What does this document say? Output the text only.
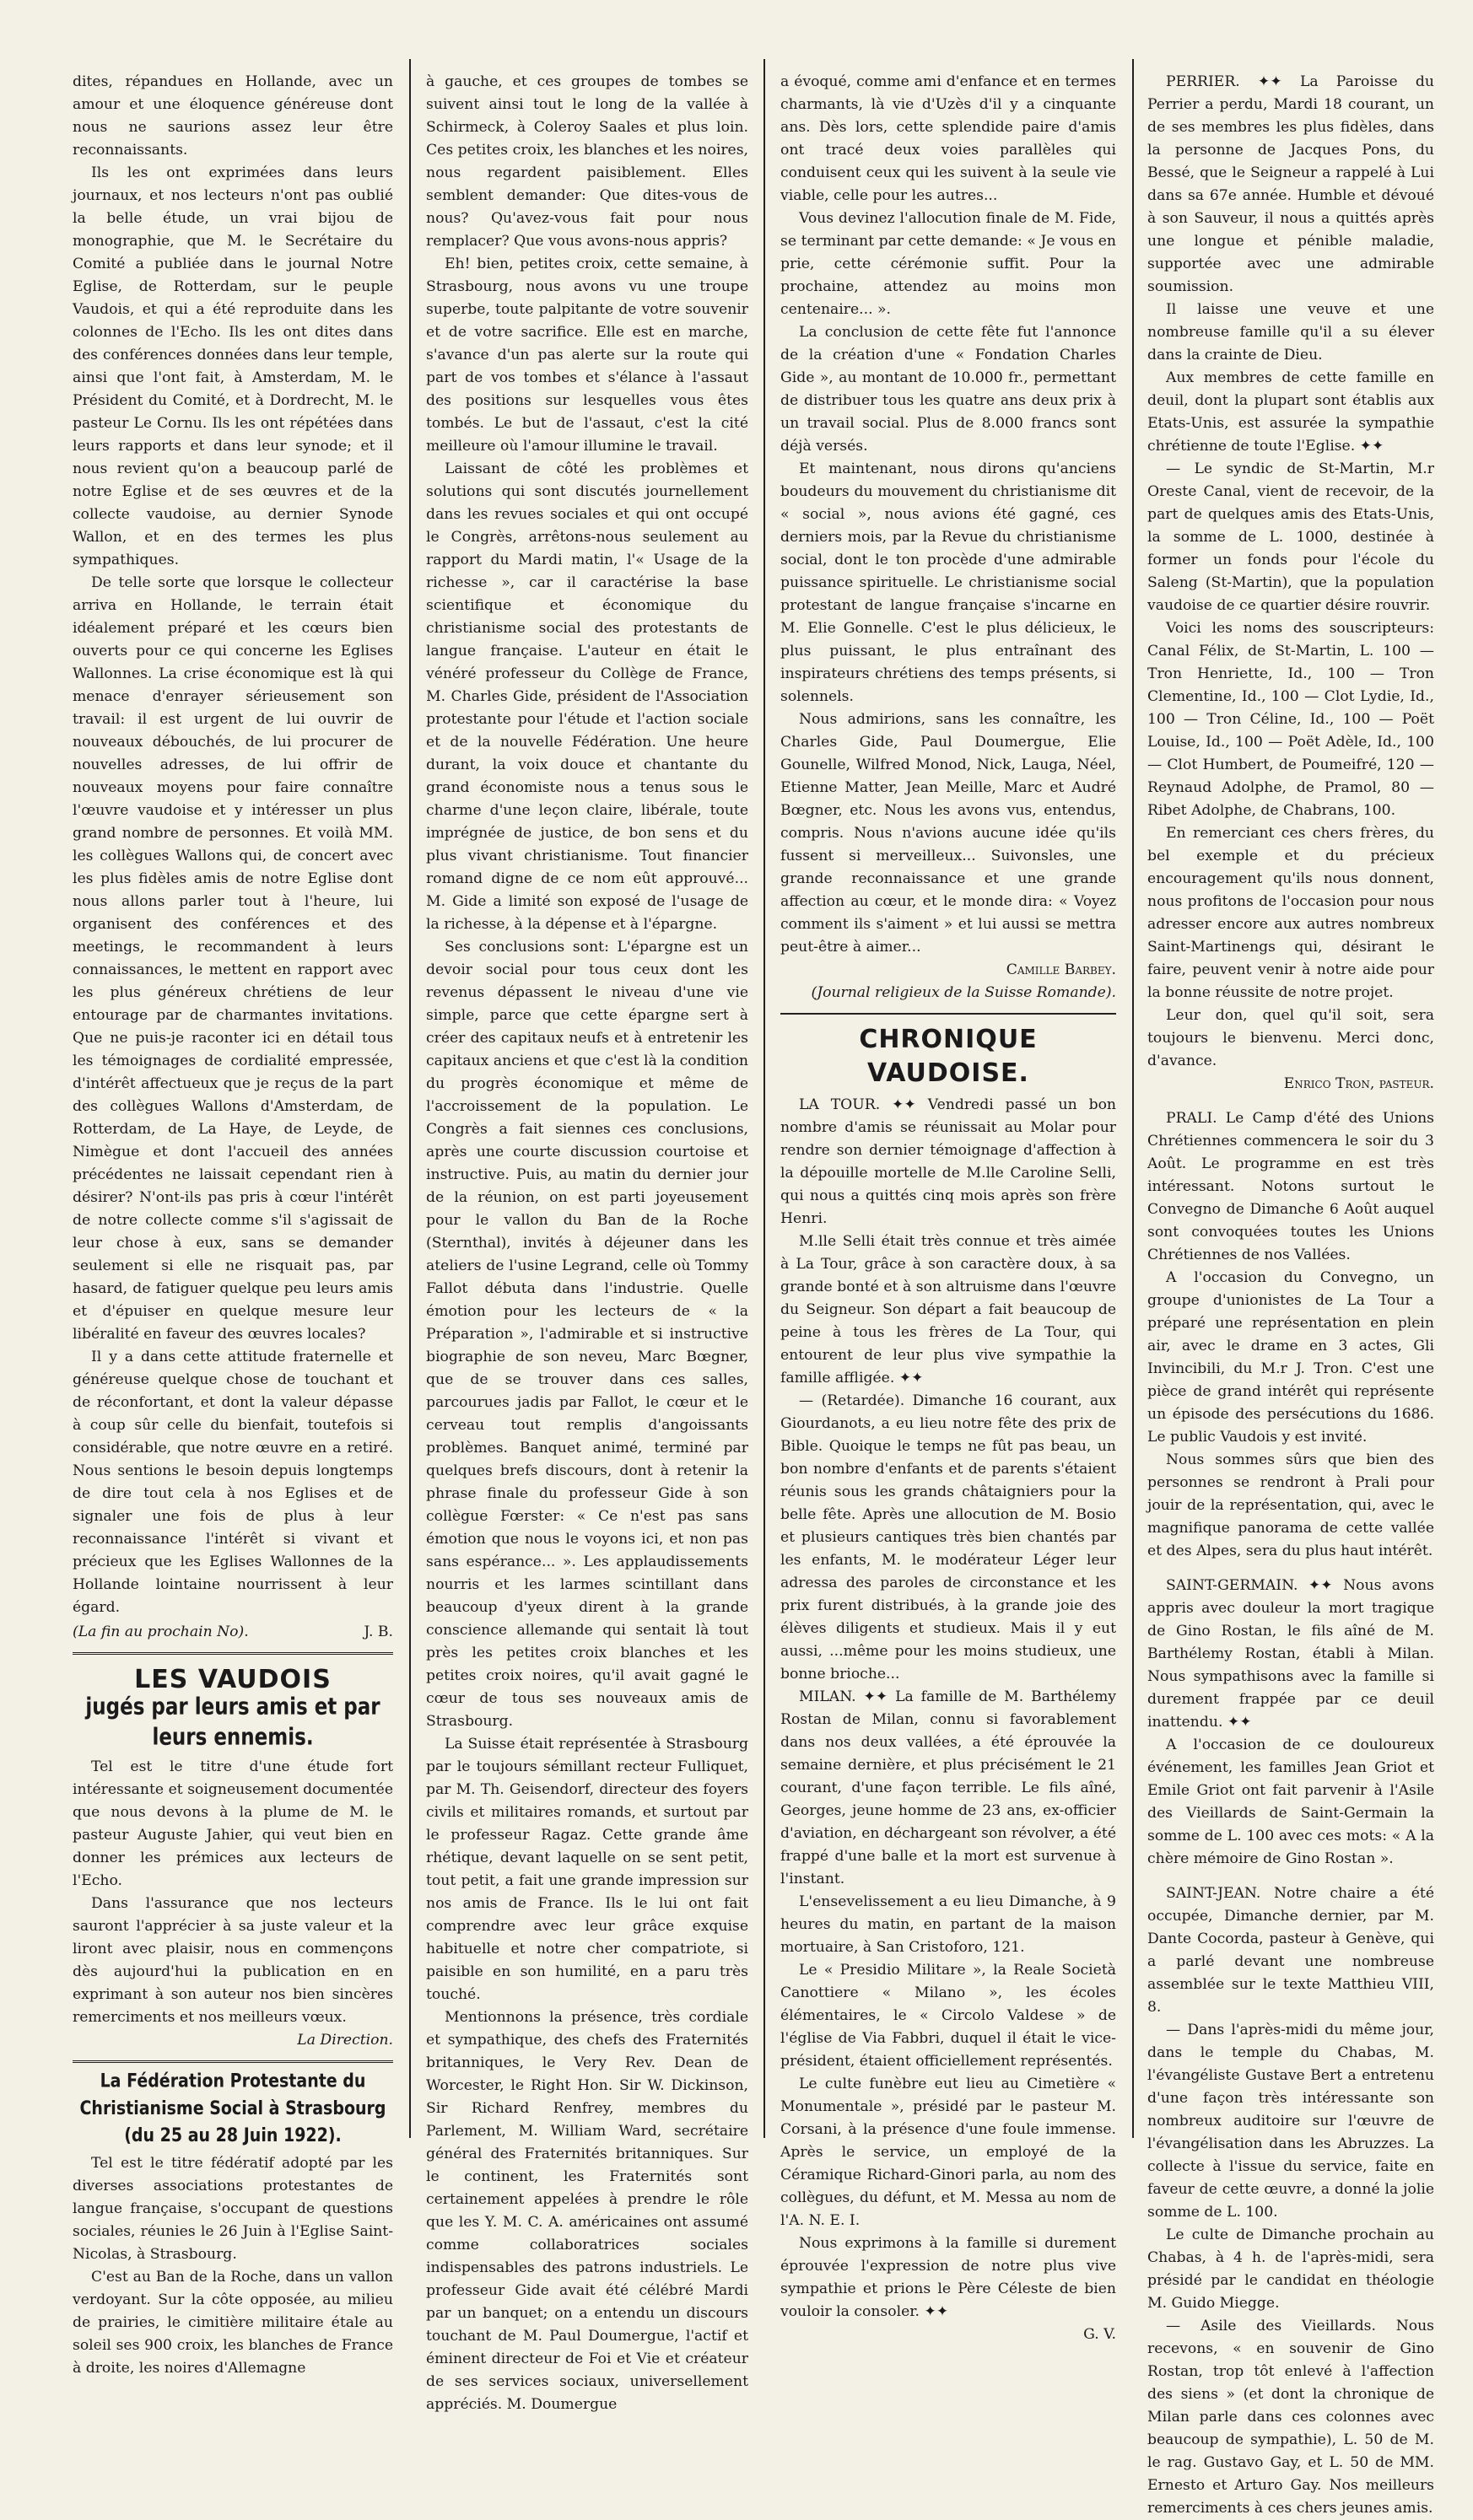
dites, répandues en Hollande, avec un amour et une éloquence généreuse dont nous ne saurions assez leur être reconnaissants.

Ils les ont exprimées dans leurs journaux, et nos lecteurs n'ont pas oublié la belle étude, un vrai bijou de monographie, que M. le Secrétaire du Comité a publiée dans le journal Notre Eglise, de Rotterdam, sur le peuple Vaudois, et qui a été reproduite dans les colonnes de l'Echo. Ils les ont dites dans des conférences données dans leur temple, ainsi que l'ont fait, à Amsterdam, M. le Président du Comité, et à Dordrecht, M. le pasteur Le Cornu. Ils les ont répétées dans leurs rapports et dans leur synode; et il nous revient qu'on a beaucoup parlé de notre Eglise et de ses œuvres et de la collecte vaudoise, au dernier Synode Wallon, et en des termes les plus sympathiques.

De telle sorte que lorsque le collecteur arriva en Hollande, le terrain était idéalement préparé et les cœurs bien ouverts pour ce qui concerne les Eglises Wallonnes. La crise économique est là qui menace d'enrayer sérieusement son travail: il est urgent de lui ouvrir de nouveaux débouchés, de lui procurer de nouvelles adresses, de lui offrir de nouveaux moyens pour faire connaître l'œuvre vaudoise et y intéresser un plus grand nombre de personnes. Et voilà MM. les collègues Wallons qui, de concert avec les plus fidèles amis de notre Eglise dont nous allons parler tout à l'heure, lui organisent des conférences et des meetings, le recommandent à leurs connaissances, le mettent en rapport avec les plus généreux chrétiens de leur entourage par de charmantes invitations. Que ne puis-je raconter ici en détail tous les témoignages de cordialité empressée, d'intérêt affectueux que je reçus de la part des collègues Wallons d'Amsterdam, de Rotterdam, de La Haye, de Leyde, de Nimègue et dont l'accueil des années précédentes ne laissait cependant rien à désirer? N'ont-ils pas pris à cœur l'intérêt de notre collecte comme s'il s'agissait de leur chose à eux, sans se demander seulement si elle ne risquait pas, par hasard, de fatiguer quelque peu leurs amis et d'épuiser en quelque mesure leur libéralité en faveur des œuvres locales?

Il y a dans cette attitude fraternelle et généreuse quelque chose de touchant et de réconfortant, et dont la valeur dépasse à coup sûr celle du bienfait, toutefois si considérable, que notre œuvre en a retiré. Nous sentions le besoin depuis longtemps de dire tout cela à nos Eglises et de signaler une fois de plus à leur reconnaissance l'intérêt si vivant et précieux que les Eglises Wallonnes de la Hollande lointaine nourrissent à leur égard.

(La fin au prochain No).	J. B.
LES VAUDOIS
jugés par leurs amis et par leurs ennemis.

Tel est le titre d'une étude fort intéressante et soigneusement documentée que nous devons à la plume de M. le pasteur Auguste Jahier, qui veut bien en donner les prémices aux lecteurs de l'Echo.

Dans l'assurance que nos lecteurs sauront l'apprécier à sa juste valeur et la liront avec plaisir, nous en commençons dès aujourd'hui la publication en en exprimant à son auteur nos bien sincères remerciments et nos meilleurs vœux.

La Direction.
La Fédération Protestante du Christianisme Social à Strasbourg (du 25 au 28 Juin 1922).

Tel est le titre fédératif adopté par les diverses associations protestantes de langue française, s'occupant de questions sociales, réunies le 26 Juin à l'Eglise Saint-Nicolas, à Strasbourg.

C'est au Ban de la Roche, dans un vallon verdoyant. Sur la côte opposée, au milieu de prairies, le cimitière militaire étale au soleil ses 900 croix, les blanches de France à droite, les noires d'Allemagne

à gauche, et ces groupes de tombes se suivent ainsi tout le long de la vallée à Schirmeck, à Coleroy Saales et plus loin. Ces petites croix, les blanches et les noires, nous regardent paisiblement. Elles semblent demander: Que dites-vous de nous? Qu'avez-vous fait pour nous remplacer? Que vous avons-nous appris?

Eh! bien, petites croix, cette semaine, à Strasbourg, nous avons vu une troupe superbe, toute palpitante de votre souvenir et de votre sacrifice. Elle est en marche, s'avance d'un pas alerte sur la route qui part de vos tombes et s'élance à l'assaut des positions sur lesquelles vous êtes tombés. Le but de l'assaut, c'est la cité meilleure où l'amour illumine le travail.

Laissant de côté les problèmes et solutions qui sont discutés journellement dans les revues sociales et qui ont occupé le Congrès, arrêtons-nous seulement au rapport du Mardi matin, l'« Usage de la richesse », car il caractérise la base scientifique et économique du christianisme social des protestants de langue française. L'auteur en était le vénéré professeur du Collège de France, M. Charles Gide, président de l'Association protestante pour l'étude et l'action sociale et de la nouvelle Fédération. Une heure durant, la voix douce et chantante du grand économiste nous a tenus sous le charme d'une leçon claire, libérale, toute imprégnée de justice, de bon sens et du plus vivant christianisme. Tout financier romand digne de ce nom eût approuvé... M. Gide a limité son exposé de l'usage de la richesse, à la dépense et à l'épargne.

Ses conclusions sont: L'épargne est un devoir social pour tous ceux dont les revenus dépassent le niveau d'une vie simple, parce que cette épargne sert à créer des capitaux neufs et à entretenir les capitaux anciens et que c'est là la condition du progrès économique et même de l'accroissement de la population. Le Congrès a fait siennes ces conclusions, après une courte discussion courtoise et instructive. Puis, au matin du dernier jour de la réunion, on est parti joyeusement pour le vallon du Ban de la Roche (Sternthal), invités à déjeuner dans les ateliers de l'usine Legrand, celle où Tommy Fallot débuta dans l'industrie. Quelle émotion pour les lecteurs de « la Préparation », l'admirable et si instructive biographie de son neveu, Marc Bœgner, que de se trouver dans ces salles, parcourues jadis par Fallot, le cœur et le cerveau tout remplis d'angoissants problèmes. Banquet animé, terminé par quelques brefs discours, dont à retenir la phrase finale du professeur Gide à son collègue Fœrster: « Ce n'est pas sans émotion que nous le voyons ici, et non pas sans espérance... ». Les applaudissements nourris et les larmes scintillant dans beaucoup d'yeux dirent à la grande conscience allemande qui sentait là tout près les petites croix blanches et les petites croix noires, qu'il avait gagné le cœur de tous ses nouveaux amis de Strasbourg.

La Suisse était représentée à Strasbourg par le toujours sémillant recteur Fulliquet, par M. Th. Geisendorf, directeur des foyers civils et militaires romands, et surtout par le professeur Ragaz. Cette grande âme rhétique, devant laquelle on se sent petit, tout petit, a fait une grande impression sur nos amis de France. Ils le lui ont fait comprendre avec leur grâce exquise habituelle et notre cher compatriote, si paisible en son humilité, en a paru très touché.

Mentionnons la présence, très cordiale et sympathique, des chefs des Fraternités britanniques, le Very Rev. Dean de Worcester, le Right Hon. Sir W. Dickinson, Sir Richard Renfrey, membres du Parlement, M. William Ward, secrétaire général des Fraternités britanniques. Sur le continent, les Fraternités sont certainement appelées à prendre le rôle que les Y. M. C. A. américaines ont assumé comme collaboratrices sociales indispensables des patrons industriels. Le professeur Gide avait été célébré Mardi par un banquet; on a entendu un discours touchant de M. Paul Doumergue, l'actif et éminent directeur de Foi et Vie et créateur de ses services sociaux, universellement appréciés. M. Doumergue

a évoqué, comme ami d'enfance et en termes charmants, là vie d'Uzès d'il y a cinquante ans. Dès lors, cette splendide paire d'amis ont tracé deux voies parallèles qui conduisent ceux qui les suivent à la seule vie viable, celle pour les autres...

Vous devinez l'allocution finale de M. Fide, se terminant par cette demande: « Je vous en prie, cette cérémonie suffit. Pour la prochaine, attendez au moins mon centenaire... ».

La conclusion de cette fête fut l'annonce de la création d'une « Fondation Charles Gide », au montant de 10.000 fr., permettant de distribuer tous les quatre ans deux prix à un travail social. Plus de 8.000 francs sont déjà versés.

Et maintenant, nous dirons qu'anciens boudeurs du mouvement du christianisme dit « social », nous avions été gagné, ces derniers mois, par la Revue du christianisme social, dont le ton procède d'une admirable puissance spirituelle. Le christianisme social protestant de langue française s'incarne en M. Elie Gonnelle. C'est le plus délicieux, le plus puissant, le plus entraînant des inspirateurs chrétiens des temps présents, si solennels.

Nous admirions, sans les connaître, les Charles Gide, Paul Doumergue, Elie Gounelle, Wilfred Monod, Nick, Lauga, Néel, Etienne Matter, Jean Meille, Marc et Audré Bœgner, etc. Nous les avons vus, entendus, compris. Nous n'avions aucune idée qu'ils fussent si merveilleux... Suivonsles, une grande reconnaissance et une grande affection au cœur, et le monde dira: « Voyez comment ils s'aiment » et lui aussi se mettra peut-être à aimer...

Camille Barbey.
(Journal religieux de la Suisse Romande).
CHRONIQUE VAUDOISE.

LA TOUR. ✦✦ Vendredi passé un bon nombre d'amis se réunissait au Molar pour rendre son dernier témoignage d'affection à la dépouille mortelle de M.lle Caroline Selli, qui nous a quittés cinq mois après son frère Henri.

M.lle Selli était très connue et très aimée à La Tour, grâce à son caractère doux, à sa grande bonté et à son altruisme dans l'œuvre du Seigneur. Son départ a fait beaucoup de peine à tous les frères de La Tour, qui entourent de leur plus vive sympathie la famille affligée. ✦✦

— (Retardée). Dimanche 16 courant, aux Giourdanots, a eu lieu notre fête des prix de Bible. Quoique le temps ne fût pas beau, un bon nombre d'enfants et de parents s'étaient réunis sous les grands châtaigniers pour la belle fête. Après une allocution de M. Bosio et plusieurs cantiques très bien chantés par les enfants, M. le modérateur Léger leur adressa des paroles de circonstance et les prix furent distribués, à la grande joie des élèves diligents et studieux. Mais il y eut aussi, ...même pour les moins studieux, une bonne brioche...

MILAN. ✦✦ La famille de M. Barthélemy Rostan de Milan, connu si favorablement dans nos deux vallées, a été éprouvée la semaine dernière, et plus précisément le 21 courant, d'une façon terrible. Le fils aîné, Georges, jeune homme de 23 ans, ex-officier d'aviation, en déchargeant son révolver, a été frappé d'une balle et la mort est survenue à l'instant.

L'ensevelissement a eu lieu Dimanche, à 9 heures du matin, en partant de la maison mortuaire, à San Cristoforo, 121.

Le « Presidio Militare », la Reale Società Canottiere « Milano », les écoles élémentaires, le « Circolo Valdese » de l'église de Via Fabbri, duquel il était le vice-président, étaient officiellement représentés.

Le culte funèbre eut lieu au Cimetière « Monumentale », présidé par le pasteur M. Corsani, à la présence d'une foule immense. Après le service, un employé de la Céramique Richard-Ginori parla, au nom des collègues, du défunt, et M. Messa au nom de l'A. N. E. I.

Nous exprimons à la famille si durement éprouvée l'expression de notre plus vive sympathie et prions le Père Céleste de bien vouloir la consoler. ✦✦

G. V.

PERRIER. ✦✦ La Paroisse du Perrier a perdu, Mardi 18 courant, un de ses membres les plus fidèles, dans la personne de Jacques Pons, du Bessé, que le Seigneur a rappelé à Lui dans sa 67e année. Humble et dévoué à son Sauveur, il nous a quittés après une longue et pénible maladie, supportée avec une admirable soumission.

Il laisse une veuve et une nombreuse famille qu'il a su élever dans la crainte de Dieu.

Aux membres de cette famille en deuil, dont la plupart sont établis aux Etats-Unis, est assurée la sympathie chrétienne de toute l'Eglise. ✦✦

— Le syndic de St-Martin, M.r Oreste Canal, vient de recevoir, de la part de quelques amis des Etats-Unis, la somme de L. 1000, destinée à former un fonds pour l'école du Saleng (St-Martin), que la population vaudoise de ce quartier désire rouvrir.

Voici les noms des souscripteurs: Canal Félix, de St-Martin, L. 100 — Tron Henriette, Id., 100 — Tron Clementine, Id., 100 — Clot Lydie, Id., 100 — Tron Céline, Id., 100 — Poët Louise, Id., 100 — Poët Adèle, Id., 100 — Clot Humbert, de Poumeifré, 120 — Reynaud Adolphe, de Pramol, 80 — Ribet Adolphe, de Chabrans, 100.

En remerciant ces chers frères, du bel exemple et du précieux encouragement qu'ils nous donnent, nous profitons de l'occasion pour nous adresser encore aux autres nombreux Saint-Martinengs qui, désirant le faire, peuvent venir à notre aide pour la bonne réussite de notre projet.

Leur don, quel qu'il soit, sera toujours le bienvenu. Merci donc, d'avance.

Enrico Tron, pasteur.

PRALI. Le Camp d'été des Unions Chrétiennes commencera le soir du 3 Août. Le programme en est très intéressant. Notons surtout le Convegno de Dimanche 6 Août auquel sont convoquées toutes les Unions Chrétiennes de nos Vallées.

A l'occasion du Convegno, un groupe d'unionistes de La Tour a préparé une représentation en plein air, avec le drame en 3 actes, Gli Invincibili, du M.r J. Tron. C'est une pièce de grand intérêt qui représente un épisode des persécutions du 1686. Le public Vaudois y est invité.

Nous sommes sûrs que bien des personnes se rendront à Prali pour jouir de la représentation, qui, avec le magnifique panorama de cette vallée et des Alpes, sera du plus haut intérêt.

SAINT-GERMAIN. ✦✦ Nous avons appris avec douleur la mort tragique de Gino Rostan, le fils aîné de M. Barthélemy Rostan, établi à Milan. Nous sympathisons avec la famille si durement frappée par ce deuil inattendu. ✦✦

A l'occasion de ce douloureux événement, les familles Jean Griot et Emile Griot ont fait parvenir à l'Asile des Vieillards de Saint-Germain la somme de L. 100 avec ces mots: « A la chère mémoire de Gino Rostan ».

SAINT-JEAN. Notre chaire a été occupée, Dimanche dernier, par M. Dante Cocorda, pasteur à Genève, qui a parlé devant une nombreuse assemblée sur le texte Matthieu VIII, 8.

— Dans l'après-midi du même jour, dans le temple du Chabas, M. l'évangéliste Gustave Bert a entretenu d'une façon très intéressante son nombreux auditoire sur l'œuvre de l'évangélisation dans les Abruzzes. La collecte à l'issue du service, faite en faveur de cette œuvre, a donné la jolie somme de L. 100.

Le culte de Dimanche prochain au Chabas, à 4 h. de l'après-midi, sera présidé par le candidat en théologie M. Guido Miegge.

— Asile des Vieillards. Nous recevons, « en souvenir de Gino Rostan, trop tôt enlevé à l'affection des siens » (et dont la chronique de Milan parle dans ces colonnes avec beaucoup de sympathie), L. 50 de M. le rag. Gustavo Gay, et L. 50 de MM. Ernesto et Arturo Gay. Nos meilleurs remerciments à ces chers jeunes amis.
